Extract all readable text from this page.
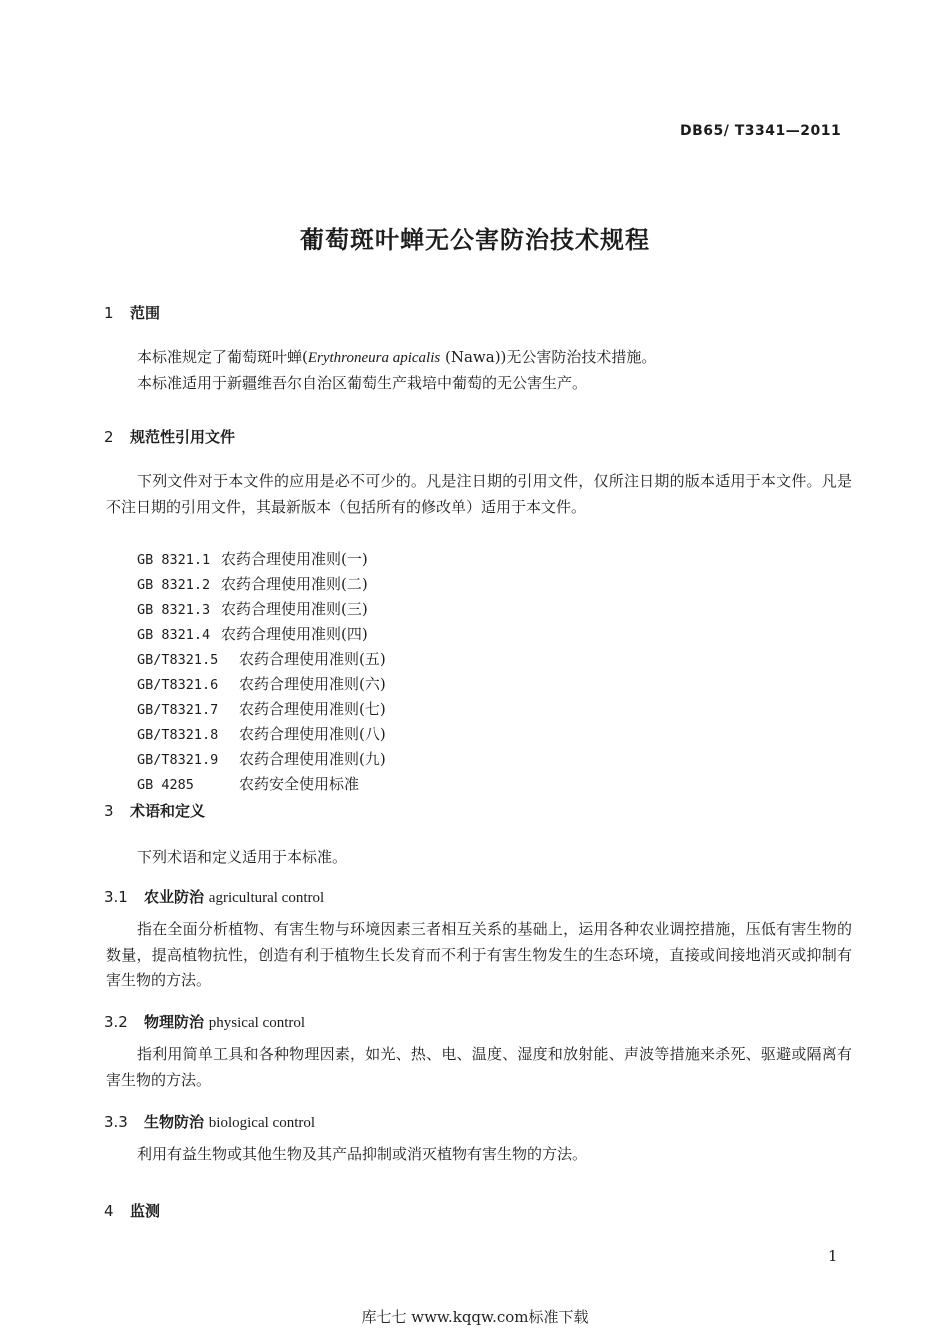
DB65/ T3341—2011
葡萄斑叶蝉无公害防治技术规程
1 范围
本标准规定了葡萄斑叶蝉(Erythroneura apicalis (Nawa))无公害防治技术措施。
本标准适用于新疆维吾尔自治区葡萄生产栽培中葡萄的无公害生产。
2 规范性引用文件
下列文件对于本文件的应用是必不可少的。凡是注日期的引用文件，仅所注日期的版本适用于本文件。凡是不注日期的引用文件，其最新版本（包括所有的修改单）适用于本文件。
GB 8321.1 农药合理使用准则(一)
GB 8321.2 农药合理使用准则(二)
GB 8321.3 农药合理使用准则(三)
GB 8321.4 农药合理使用准则(四)
GB/T8321.5 农药合理使用准则(五)
GB/T8321.6 农药合理使用准则(六)
GB/T8321.7 农药合理使用准则(七)
GB/T8321.8 农药合理使用准则(八)
GB/T8321.9 农药合理使用准则(九)
GB 4285	农药安全使用标准
3 术语和定义
下列术语和定义适用于本标准。
3.1 农业防治 agricultural control
指在全面分析植物、有害生物与环境因素三者相互关系的基础上，运用各种农业调控措施，压低有害生物的数量，提高植物抗性，创造有利于植物生长发育而不利于有害生物发生的生态环境，直接或间接地消灭或抑制有害生物的方法。
3.2 物理防治 physical control
指利用简单工具和各种物理因素，如光、热、电、温度、湿度和放射能、声波等措施来杀死、驱避或隔离有害生物的方法。
3.3 生物防治 biological control
利用有益生物或其他生物及其产品抑制或消灭植物有害生物的方法。
4 监测
1
库七七 www.kqqw.com标准下载
